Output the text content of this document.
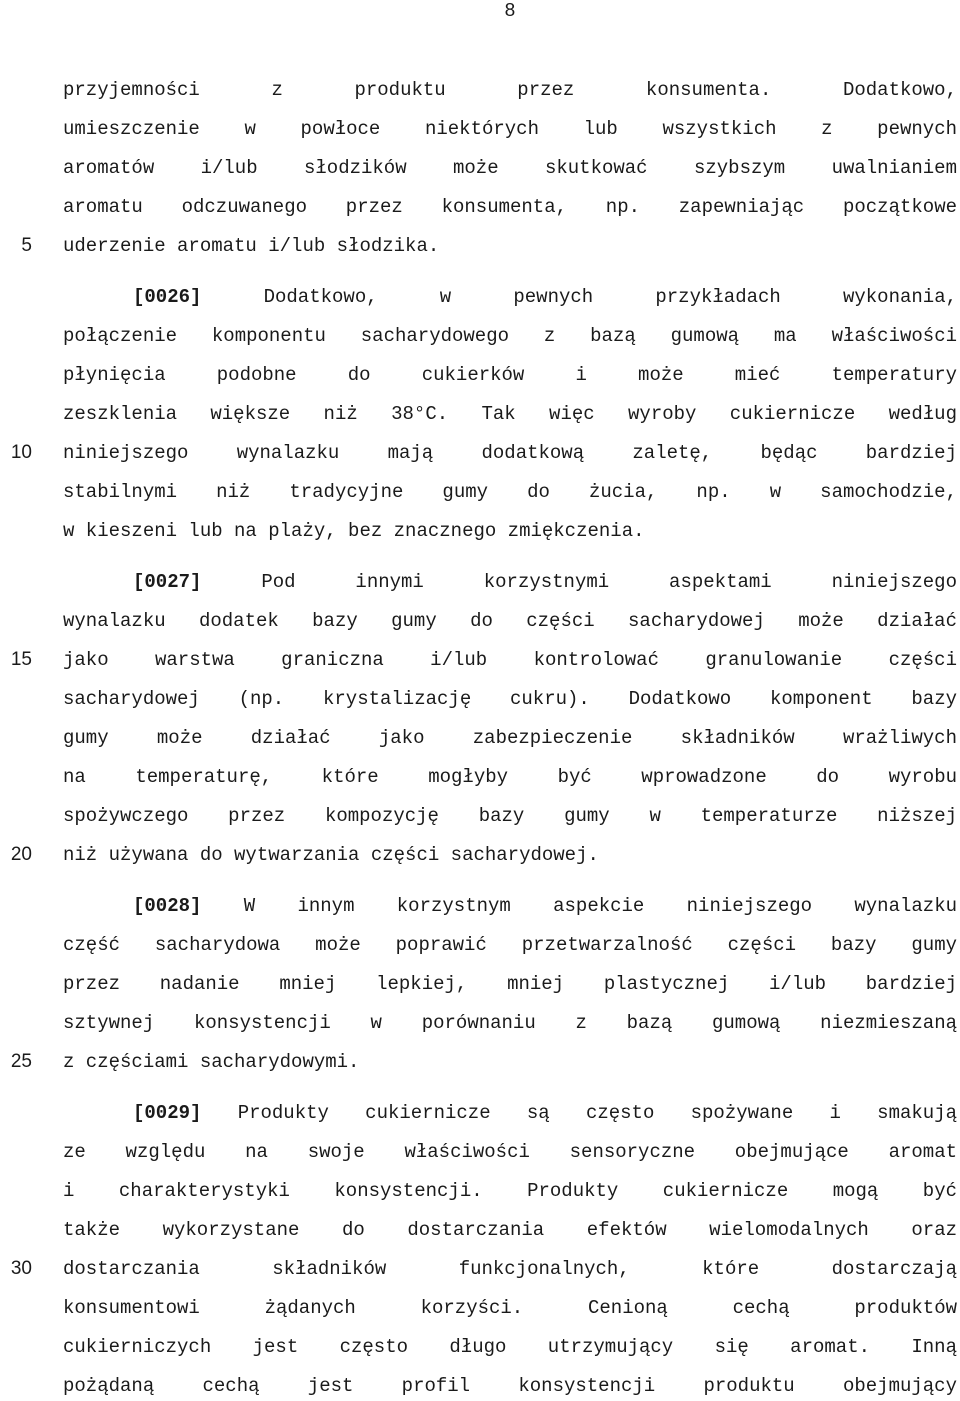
8
przyjemności z produktu przez konsumenta. Dodatkowo,
umieszczenie w powłoce niektórych lub wszystkich z pewnych
aromatów i/lub słodzików może skutkować szybszym uwalnianiem
aromatu odczuwanego przez konsumenta, np. zapewniając początkowe
uderzenie aromatu i/lub słodzika.
[0026] Dodatkowo, w pewnych przykładach wykonania,
połączenie komponentu sacharydowego z bazą gumową ma właściwości
płynięcia podobne do cukierków i może mieć temperatury
zeszklenia większe niż 38°C. Tak więc wyroby cukiernicze według
niniejszego wynalazku mają dodatkową zaletę, będąc bardziej
stabilnymi niż tradycyjne gumy do żucia, np. w samochodzie,
w kieszeni lub na plaży, bez znacznego zmiękczenia.
[0027] Pod innymi korzystnymi aspektami niniejszego
wynalazku dodatek bazy gumy do części sacharydowej może działać
jako warstwa graniczna i/lub kontrolować granulowanie części
sacharydowej (np. krystalizację cukru). Dodatkowo komponent bazy
gumy może działać jako zabezpieczenie składników wrażliwych
na temperaturę, które mogłyby być wprowadzone do wyrobu
spożywczego przez kompozycję bazy gumy w temperaturze niższej
niż używana do wytwarzania części sacharydowej.
[0028] W innym korzystnym aspekcie niniejszego wynalazku
część sacharydowa może poprawić przetwarzalność części bazy gumy
przez nadanie mniej lepkiej, mniej plastycznej i/lub bardziej
sztywnej konsystencji w porównaniu z bazą gumową niezmieszaną
z częściami sacharydowymi.
[0029] Produkty cukiernicze są często spożywane i smakują
ze względu na swoje właściwości sensoryczne obejmujące aromat
i charakterystyki konsystencji. Produkty cukiernicze mogą być
także wykorzystane do dostarczania efektów wielomodalnych oraz
dostarczania składników funkcjonalnych, które dostarczają
konsumentowi żądanych korzyści. Cenioną cechą produktów
cukierniczych jest często długo utrzymujący się aromat. Inną
pożądaną cechą jest profil konsystencji produktu obejmujący
5
10
15
20
25
30
